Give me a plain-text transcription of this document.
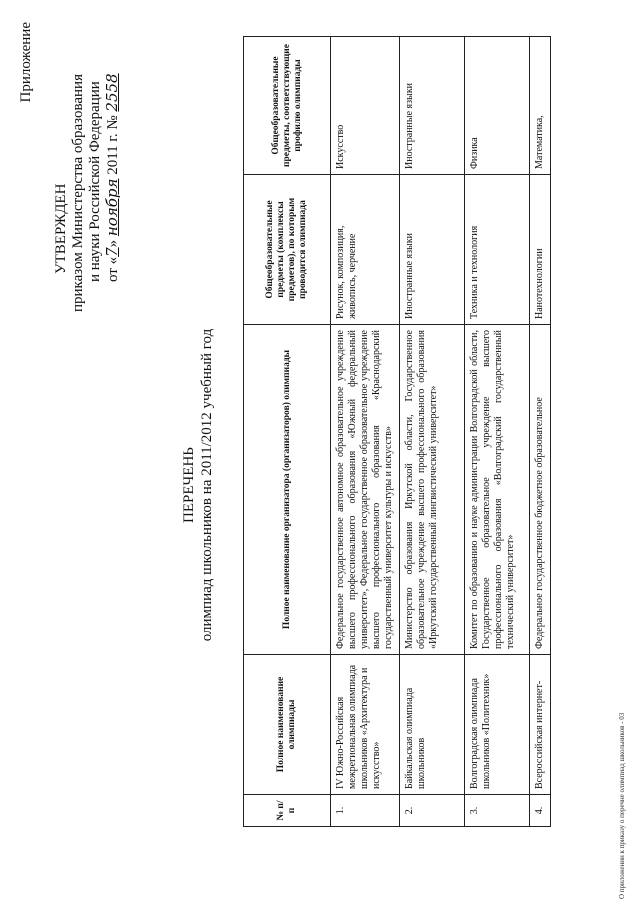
Приложение
УТВЕРЖДЕН приказом Министерства образования и науки Российской Федерации от «7» ноября 2011 г. № 2558
ПЕРЕЧЕНЬ олимпиад школьников на 2011/2012 учебный год
№ п/п	Полное наименование олимпиады	Полное наименование организатора (организаторов) олимпиады	Общеобразовательные предметы (комплексы предметов), по которым проводится олимпиада	Общеобразовательные предметы, соответствующие профилю олимпиады
1.	IV Южно-Российская межрегиональная олимпиада школьников «Архитектура и искусство»	Федеральное государственное автономное образовательное учреждение высшего профессионального образования «Южный федеральный университет», Федеральное государственное образовательное учреждение высшего профессионального образования «Краснодарский государственный университет культуры и искусств»	Рисунок, композиция, живопись, черчение	Искусство
2.	Байкальская олимпиада школьников	Министерство образования Иркутской области, Государственное образовательное учреждение высшего профессионального образования «Иркутский государственный лингвистический университет»	Иностранные языки	Иностранные языки
3.	Волгоградская олимпиада школьников «Политехник»	Комитет по образованию и науке администрации Волгоградской области, Государственное образовательное учреждение высшего профессионального образования «Волгоградский государственный технический университет»	Техника и технология	Физика
4.	Всероссийская интернет-	Федеральное государственное бюджетное образовательное	Нанотехнологии	Математика,
О приложении к приказу о перечне олимпиад школьников - 03
